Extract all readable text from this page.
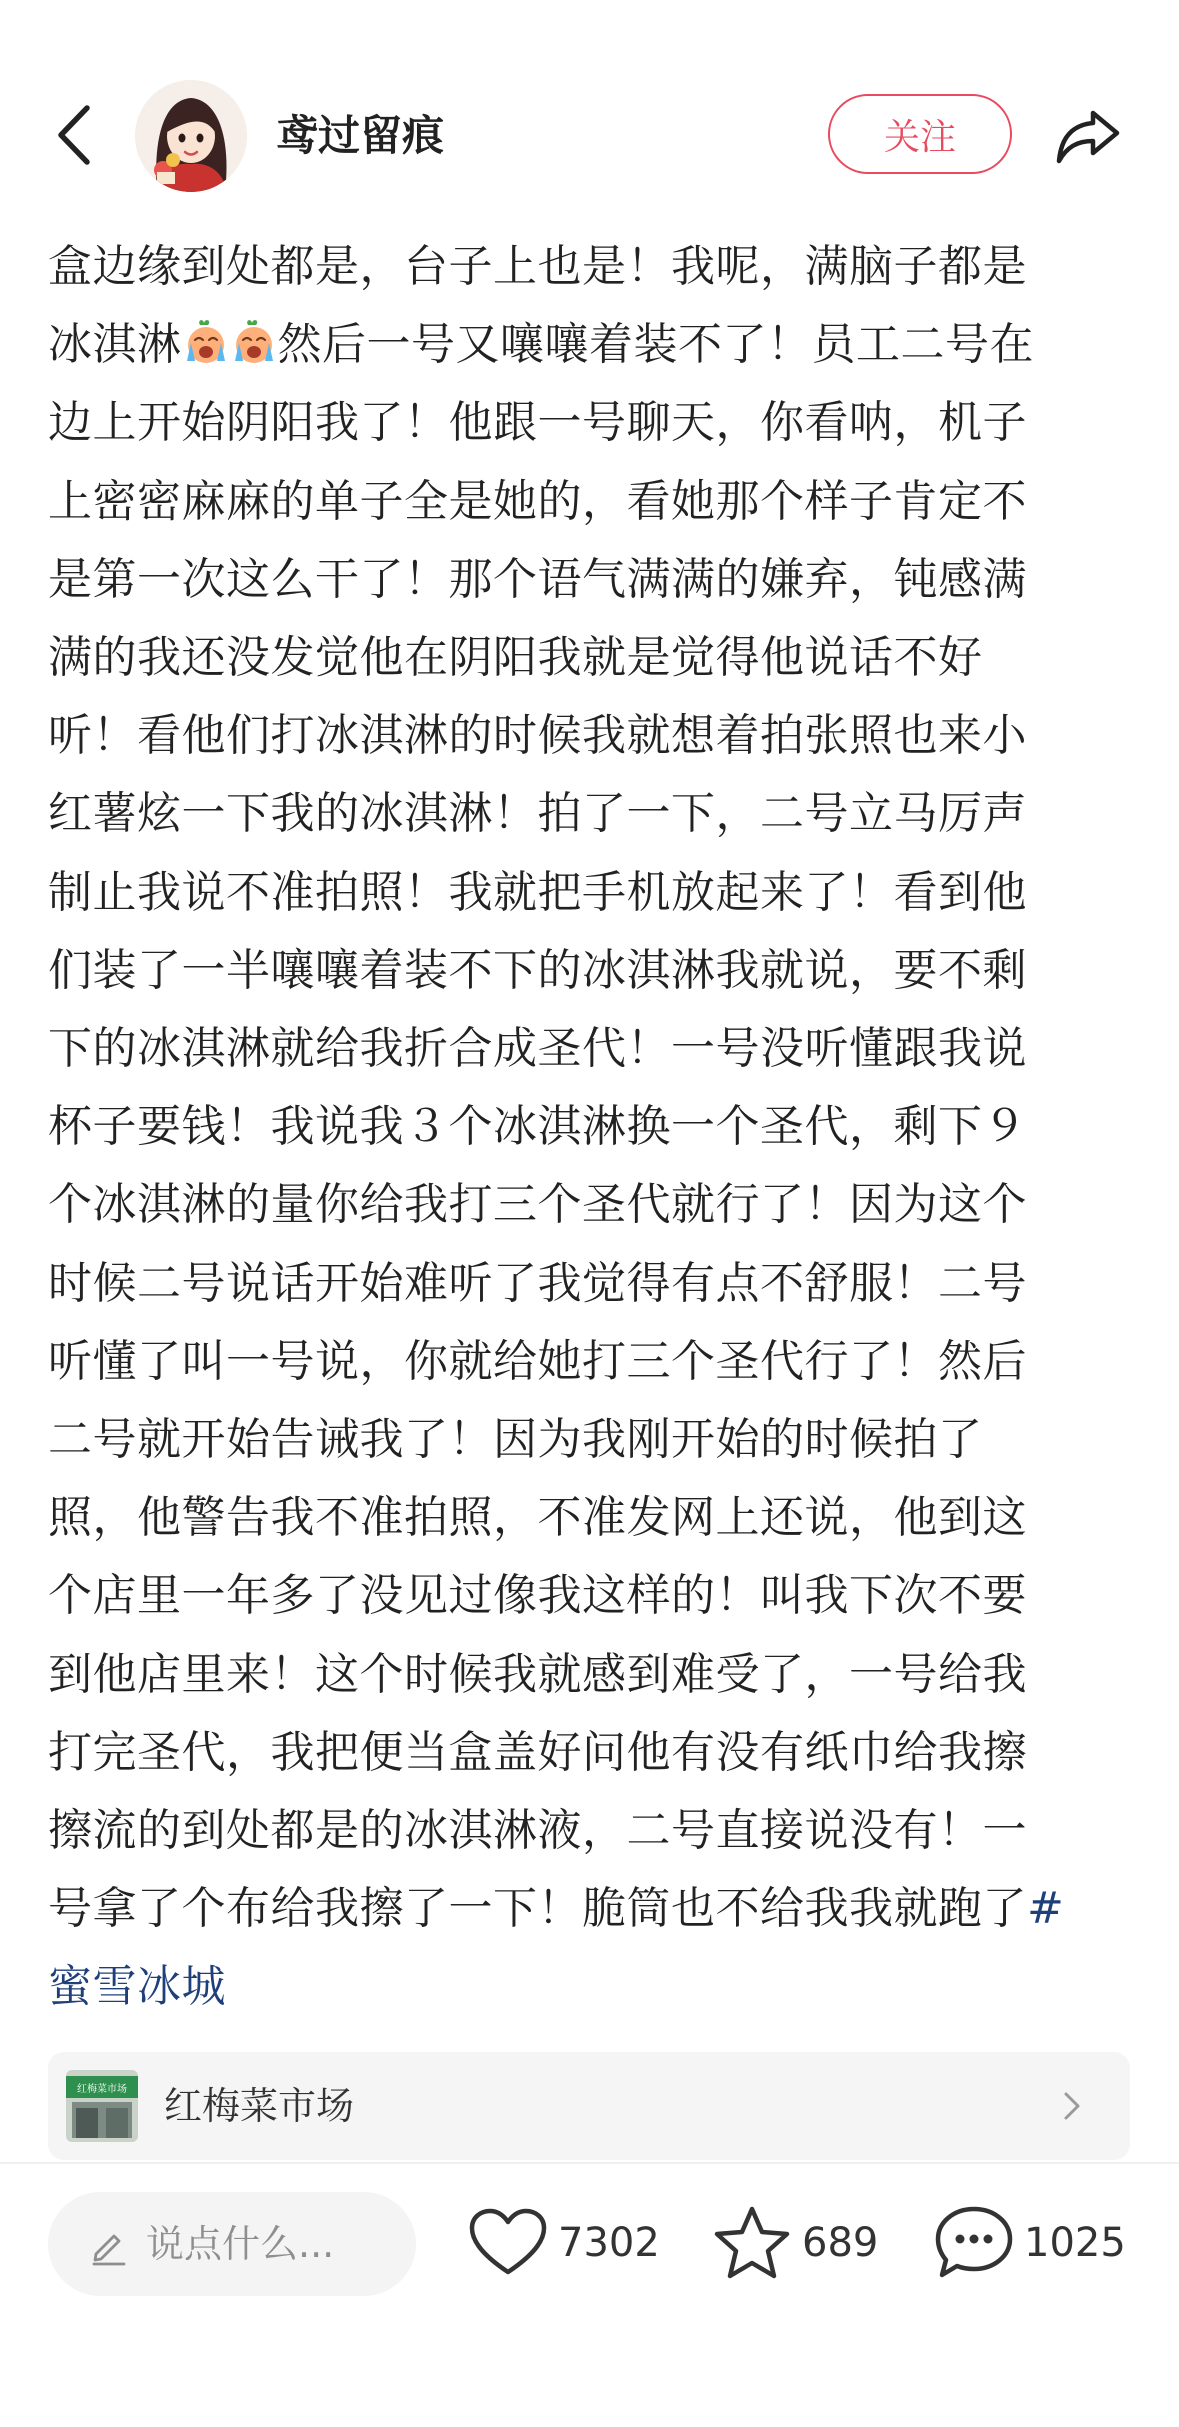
鸢过留痕	关注
盒边缘到处都是，台子上也是！我呢，满脑子都是
冰淇淋 然后一号又嚷嚷着装不了！员工二号在
边上开始阴阳我了！他跟一号聊天，你看呐，机子
上密密麻麻的单子全是她的，看她那个样子肯定不
是第一次这么干了！那个语气满满的嫌弃，钝感满
满的我还没发觉他在阴阳我就是觉得他说话不好
听！看他们打冰淇淋的时候我就想着拍张照也来小
红薯炫一下我的冰淇淋！拍了一下，二号立马厉声
制止我说不准拍照！我就把手机放起来了！看到他
们装了一半嚷嚷着装不下的冰淇淋我就说，要不剩
下的冰淇淋就给我折合成圣代！一号没听懂跟我说
杯子要钱！我说我３个冰淇淋换一个圣代，剩下９
个冰淇淋的量你给我打三个圣代就行了！因为这个
时候二号说话开始难听了我觉得有点不舒服！二号
听懂了叫一号说，你就给她打三个圣代行了！然后
二号就开始告诫我了！因为我刚开始的时候拍了
照，他警告我不准拍照，不准发网上还说，他到这
个店里一年多了没见过像我这样的！叫我下次不要
到他店里来！这个时候我就感到难受了，一号给我
打完圣代，我把便当盒盖好问他有没有纸巾给我擦
擦流的到处都是的冰淇淋液，二号直接说没有！一
号拿了个布给我擦了一下！脆筒也不给我我就跑了#
蜜雪冰城
红梅菜市场 红梅菜市场
说点什么...	7302	689	1025
